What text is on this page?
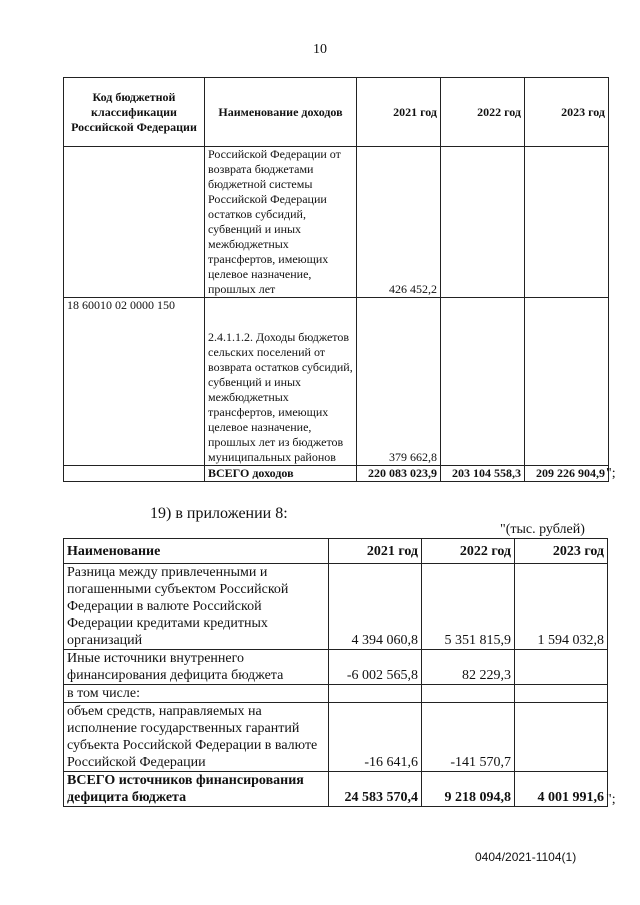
10
Код бюджетной классификации Российской Федерации	Наименование доходов	2021 год	2022 год	2023 год
	Российской Федерации от возврата бюджетами бюджетной системы Российской Федерации остатков субсидий, субвенций и иных межбюджетных трансфертов, имеющих целевое назначение, прошлых лет	426 452,2		
18 60010 02 0000 150	2.4.1.1.2. Доходы бюджетов сельских поселений от возврата остатков субсидий, субвенций и иных межбюджетных трансфертов, имеющих целевое назначение, прошлых лет из бюджетов муниципальных районов	379 662,8		
	ВСЕГО доходов	220 083 023,9	203 104 558,3	209 226 904,9 ";
19) в приложении 8:
"(тыс. рублей)
Наименование	2021 год	2022 год	2023 год
Разница между привлеченными и погашенными субъектом Российской Федерации в валюте Российской Федерации кредитами кредитных организаций	4 394 060,8	5 351 815,9	1 594 032,8
Иные источники внутреннего финансирования дефицита бюджета	-6 002 565,8	82 229,3	
в том числе:			
объем средств, направляемых на исполнение государственных гарантий субъекта Российской Федерации в валюте Российской Федерации	-16 641,6	-141 570,7	
ВСЕГО источников финансирования дефицита бюджета	24 583 570,4	9 218 094,8	4 001 991,6 ";
0404/2021-1104(1)
